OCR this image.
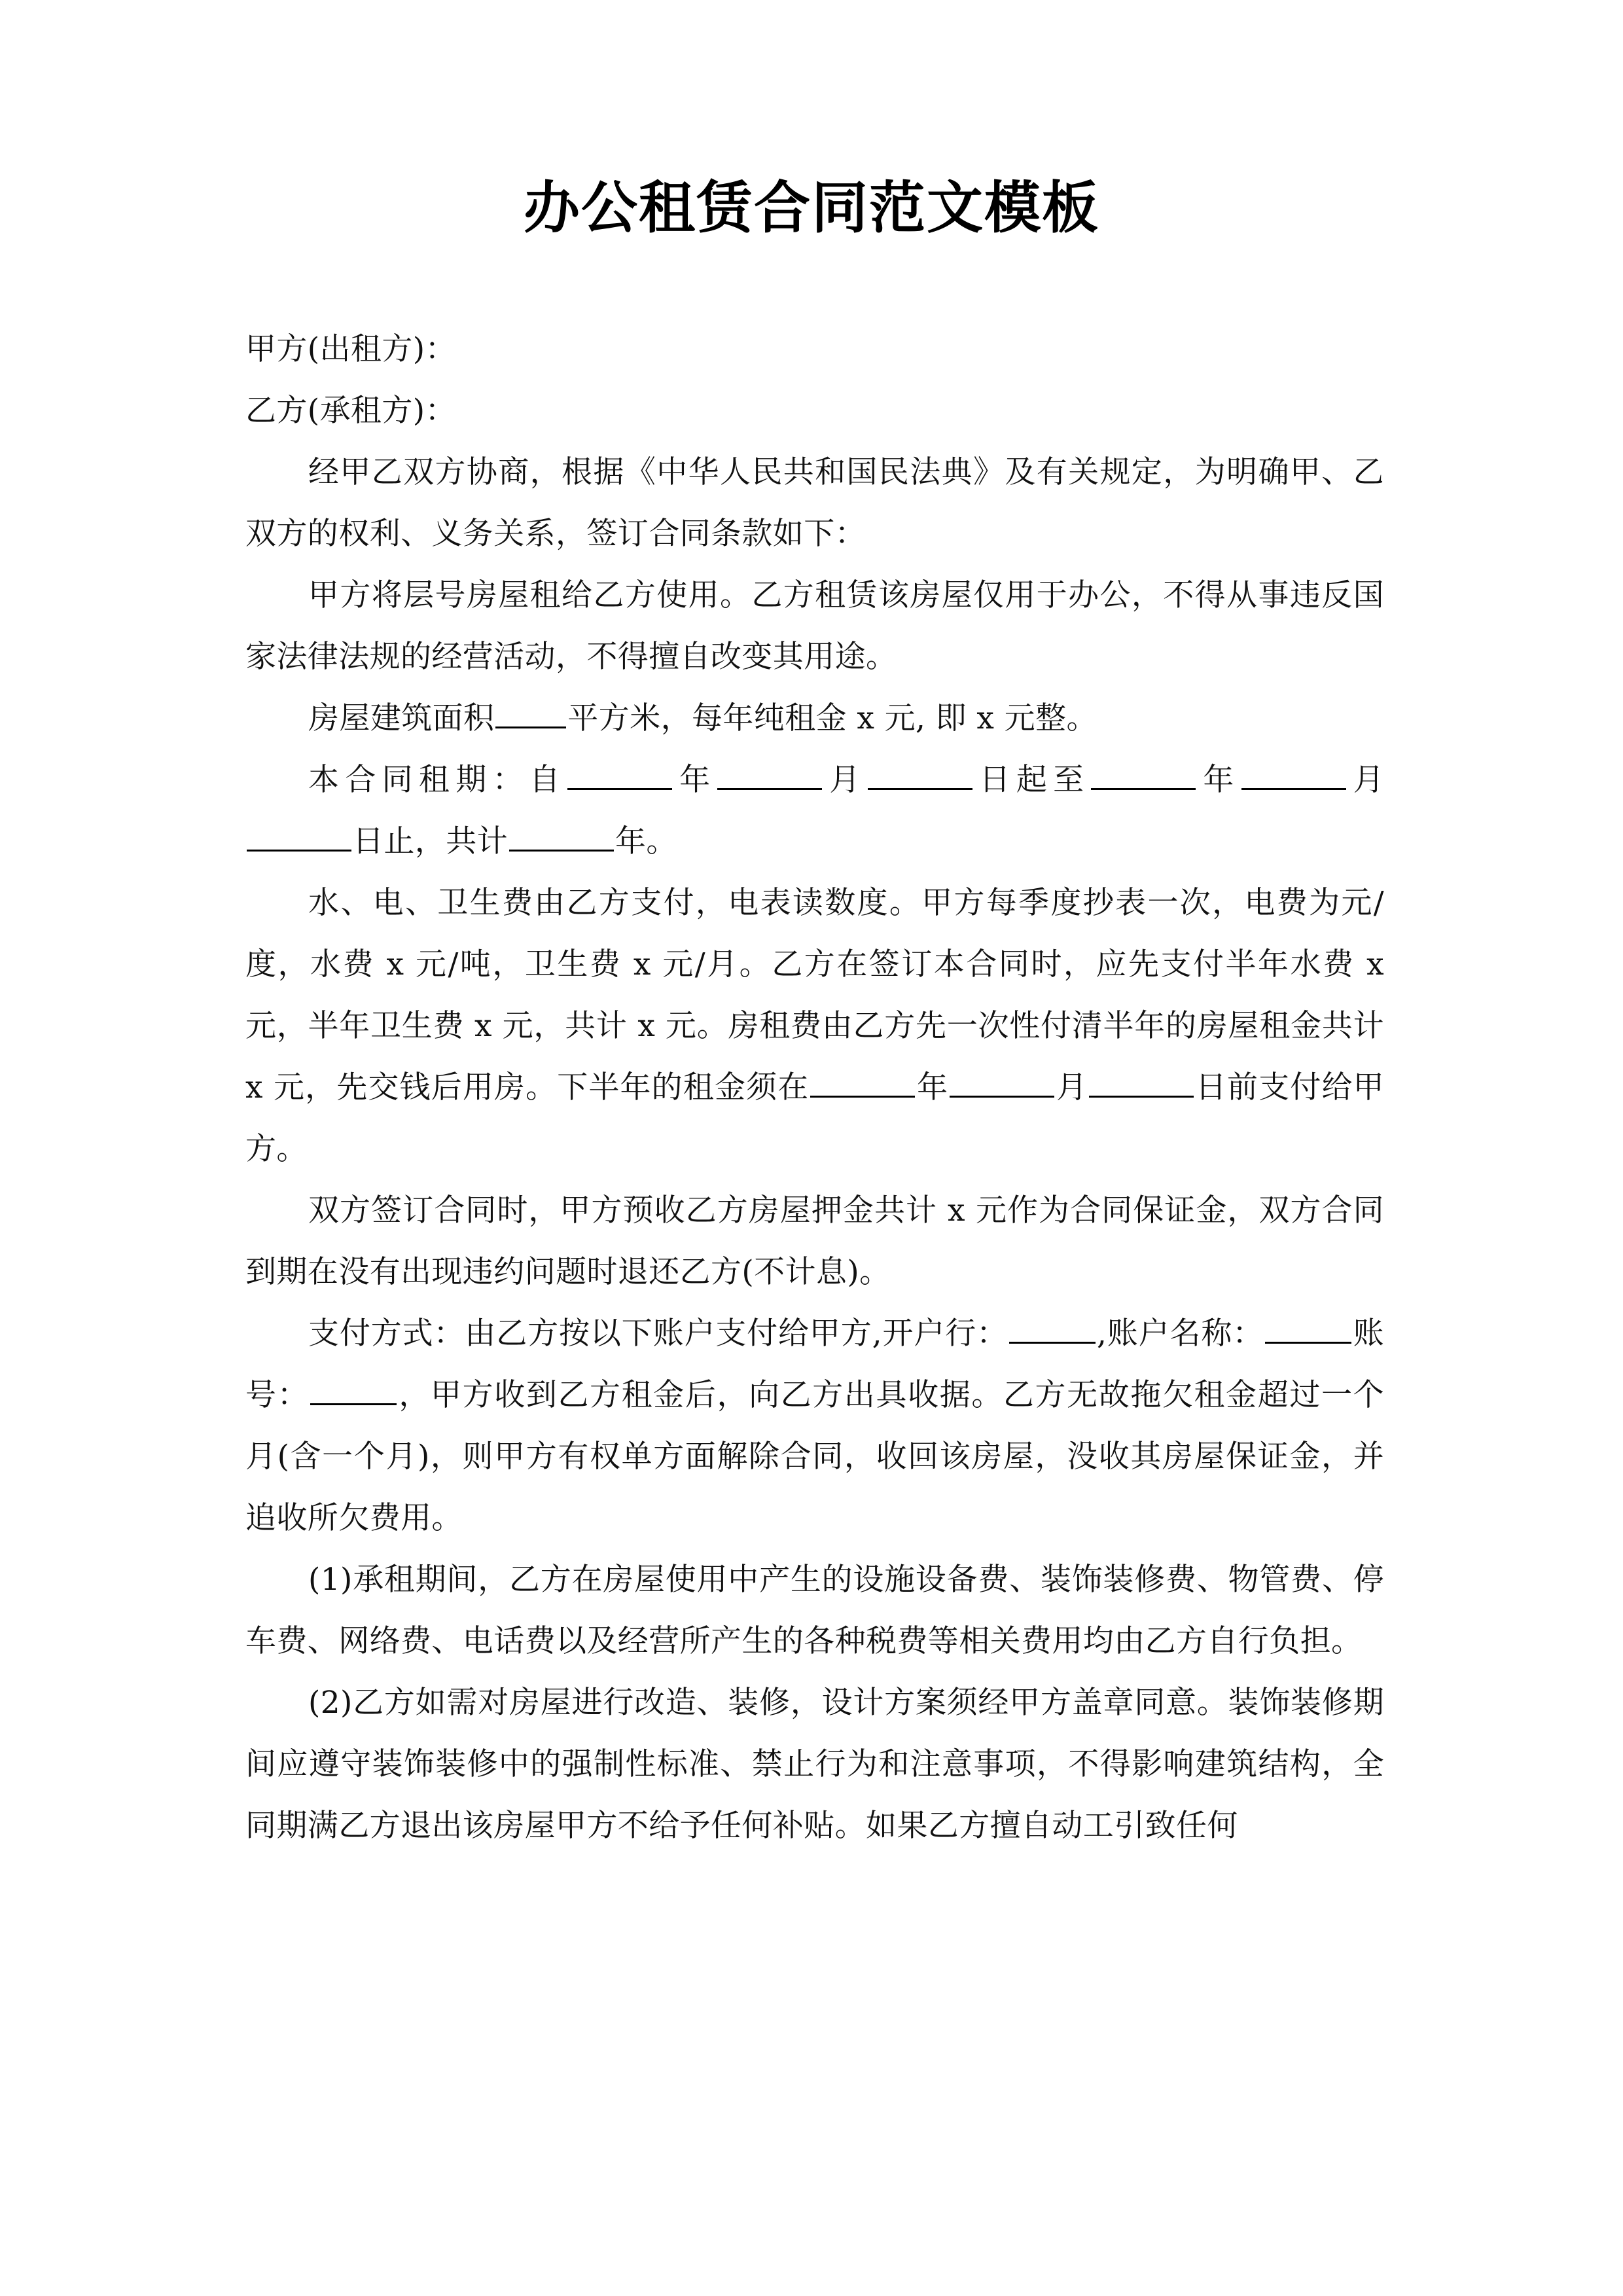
办公租赁合同范文模板

甲方(出租方)：

乙方(承租方)：

经甲乙双方协商，根据《中华人民共和国民法典》及有关规定，为明确甲、乙双方的权利、义务关系，签订合同条款如下：

甲方将层号房屋租给乙方使用。乙方租赁该房屋仅用于办公，不得从事违反国家法律法规的经营活动，不得擅自改变其用途。

房屋建筑面积 平方米，每年纯租金 x 元, 即 x 元整。

本合同租期：自	年	月	日起至	年	月日止，共计	年。

水、电、卫生费由乙方支付，电表读数度。甲方每季度抄表一次，电费为元/度，水费 x 元/吨，卫生费 x 元/月。乙方在签订本合同时，应先支付半年水费 x 元，半年卫生费 x 元，共计 x 元。房租费由乙方先一次性付清半年的房屋租金共计 x 元，先交钱后用房。下半年的租金须在	年	月	日前支付给甲方。

双方签订合同时，甲方预收乙方房屋押金共计 x 元作为合同保证金，双方合同到期在没有出现违约问题时退还乙方(不计息)。

支付方式：由乙方按以下账户支付给甲方,开户行：	,账户名称：	账号：	，甲方收到乙方租金后，向乙方出具收据。乙方无故拖欠租金超过一个月(含一个月)，则甲方有权单方面解除合同，收回该房屋，没收其房屋保证金，并追收所欠费用。

(1)承租期间，乙方在房屋使用中产生的设施设备费、装饰装修费、物管费、停车费、网络费、电话费以及经营所产生的各种税费等相关费用均由乙方自行负担。

(2)乙方如需对房屋进行改造、装修，设计方案须经甲方盖章同意。装饰装修期间应遵守装饰装修中的强制性标准、禁止行为和注意事项，不得影响建筑结构，全同期满乙方退出该房屋甲方不给予任何补贴。如果乙方擅自动工引致任何
